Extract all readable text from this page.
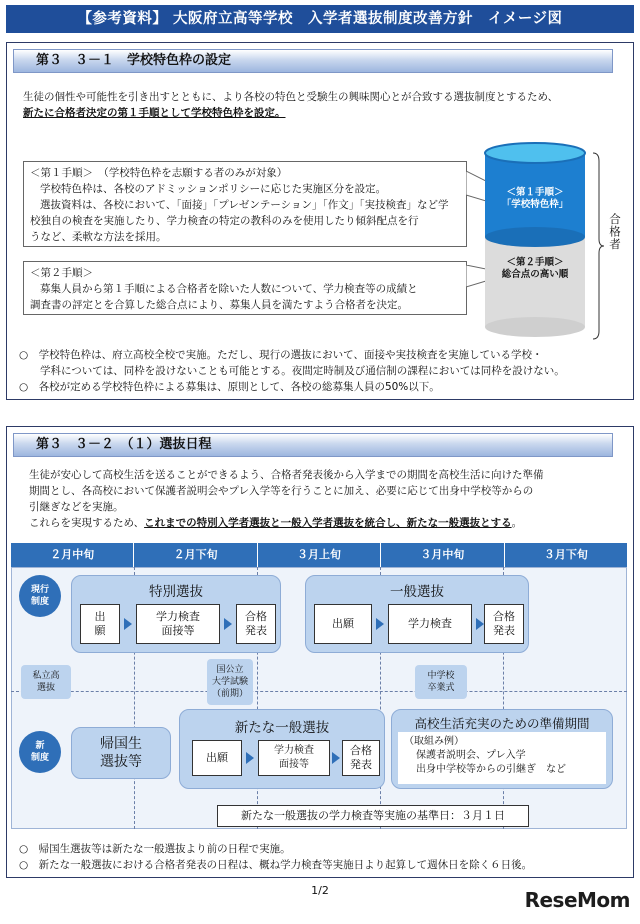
【参考資料】 大阪府立高等学校　入学者選抜制度改善方針　イメージ図
第３　３－１　学校特色枠の設定
生徒の個性や可能性を引き出すとともに、より各校の特色と受験生の興味関心とが合致する選抜制度とするため、
新たに合格者決定の第１手順として学校特色枠を設定。
＜第１手順＞　（学校特色枠を志願する者のみが対象）
学校特色枠は、各校のアドミッションポリシーに応じた実施区分を設定。
選抜資料は、各校において、「面接」「プレゼンテーション」「作文」「実技検査」など学
校独自の検査を実施したり、学力検査の特定の教科のみを使用したり傾斜配点を行
うなど、柔軟な方法を採用。
＜第２手順＞
募集人員から第１手順による合格者を除いた人数について、学力検査等の成績と
調査書の評定とを合算した総合点により、募集人員を満たすよう合格者を決定。
＜第１手順＞
「学校特色枠」
＜第２手順＞
総合点の高い順
合格者
○　学校特色枠は、府立高校全校で実施。ただし、現行の選抜において、面接や実技検査を実施している学校・
　　学科については、同枠を設けないことも可能とする。夜間定時制及び通信制の課程においては同枠を設けない。
○　各校が定める学校特色枠による募集は、原則として、各校の総募集人員の50%以下。
第３　３－２　（１）選抜日程
生徒が安心して高校生活を送ることができるよう、合格者発表後から入学までの期間を高校生活に向けた準備
期間とし、各高校において保護者説明会やプレ入学等を行うことに加え、必要に応じて出身中学校等からの
引継ぎなどを実施。
これらを実現するため、これまでの特別入学者選抜と一般入学者選抜を統合し、新たな一般選抜とする。
２月中旬	２月下旬	３月上旬	３月中旬	３月下旬
現行
制度
特別選抜
出
願
学力検査
面接等
合格
発表
一般選抜
出願	学力検査
合格
発表
私立高
選抜
国公立
大学試験
（前期）
中学校
卒業式
新
制度
帰国生
選抜等
新たな一般選抜
出願
学力検査
面接等
合格
発表
高校生活充実のための準備期間
（取組み例）
保護者説明会、プレ入学
出身中学校等からの引継ぎ　など
新たな一般選抜の学力検査等実施の基準日：３月１日
○　帰国生選抜等は新たな一般選抜より前の日程で実施。
○　新たな一般選抜における合格者発表の日程は、概ね学力検査等実施日より起算して週休日を除く６日後。
1/2	ReseMom
